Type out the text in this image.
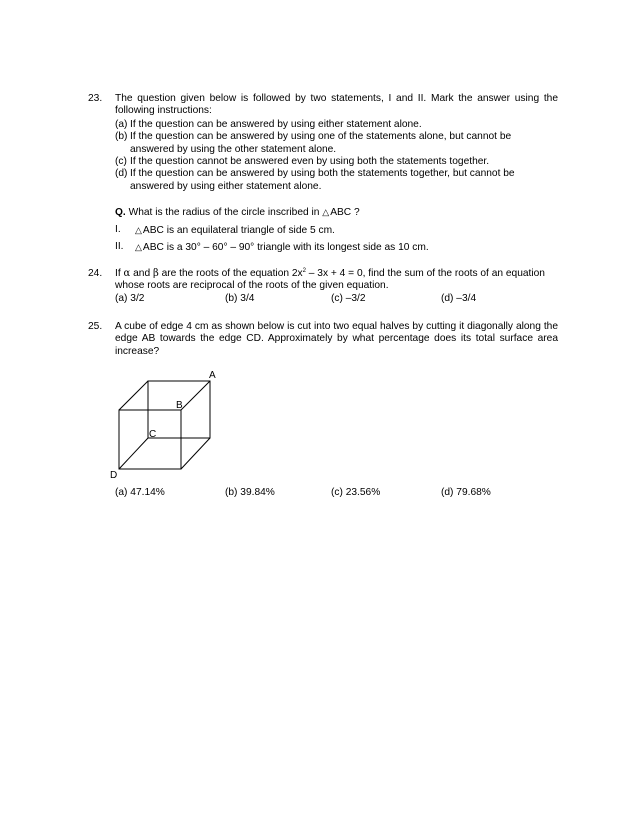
23. The question given below is followed by two statements, I and II. Mark the answer using the following instructions:

(a) If the question can be answered by using either statement alone.
(b) If the question can be answered by using one of the statements alone, but cannot be answered by using the other statement alone.
(c) If the question cannot be answered even by using both the statements together.
(d) If the question can be answered by using both the statements together, but cannot be answered by using either statement alone.

Q. What is the radius of the circle inscribed in △ABC ?

I. △ABC is an equilateral triangle of side 5 cm.
II. △ABC is a 30° – 60° – 90° triangle with its longest side as 10 cm.
24. If α and β are the roots of the equation $2x^2 - 3x + 4 = 0$, find the sum of the roots of an equation whose roots are reciprocal of the roots of the given equation.

(a) 3/2	(b) 3/4	(c) –3/2	(d) –3/4
25. A cube of edge 4 cm as shown below is cut into two equal halves by cutting it diagonally along the edge AB towards the edge CD. Approximately by what percentage does its total surface area increase?

A
B
C
D
(a) 47.14%	(b) 39.84%	(c) 23.56%	(d) 79.68%
